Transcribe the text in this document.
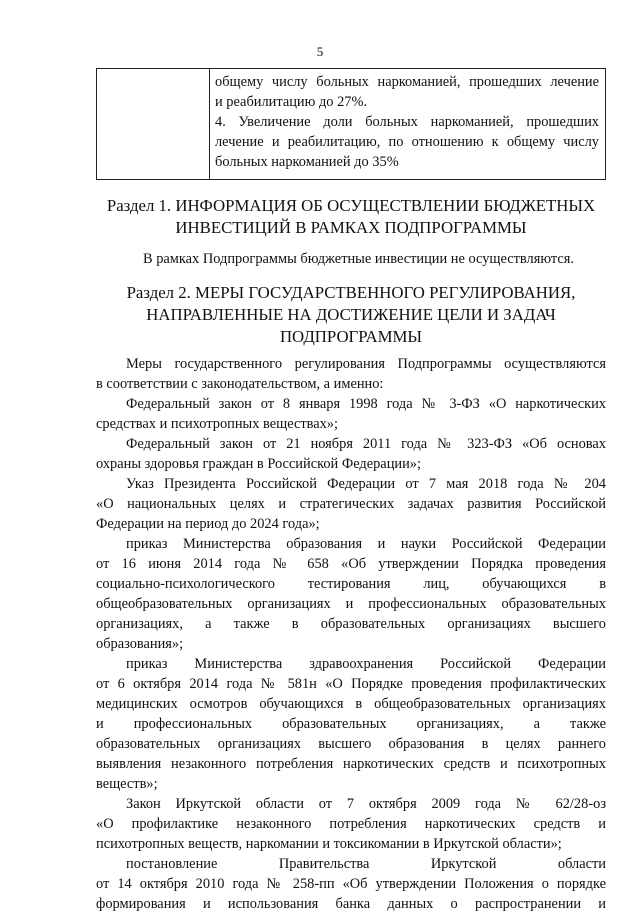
5
общему числу больных наркоманией, прошедших лечение
и реабилитацию до 27%.
4. Увеличение доли больных наркоманией, прошедших
лечение и реабилитацию, по отношению к общему числу
больных наркоманией до 35%
Раздел 1. ИНФОРМАЦИЯ ОБ ОСУЩЕСТВЛЕНИИ БЮДЖЕТНЫХ
ИНВЕСТИЦИЙ В РАМКАХ ПОДПРОГРАММЫ
В рамках Подпрограммы бюджетные инвестиции не осуществляются.
Раздел 2. МЕРЫ ГОСУДАРСТВЕННОГО РЕГУЛИРОВАНИЯ,
НАПРАВЛЕННЫЕ НА ДОСТИЖЕНИЕ ЦЕЛИ И ЗАДАЧ
ПОДПРОГРАММЫ
Меры государственного регулирования Подпрограммы осуществляются
в соответствии с законодательством, а именно:
Федеральный закон от 8 января 1998 года № 3-ФЗ «О наркотических
средствах и психотропных веществах»;
Федеральный закон от 21 ноября 2011 года № 323-ФЗ «Об основах
охраны здоровья граждан в Российской Федерации»;
Указ Президента Российской Федерации от 7 мая 2018 года № 204
«О национальных целях и стратегических задачах развития Российской
Федерации на период до 2024 года»;
приказ Министерства образования и науки Российской Федерации
от 16 июня 2014 года № 658 «Об утверждении Порядка проведения
социально-психологического тестирования лиц, обучающихся в
общеобразовательных организациях и профессиональных образовательных
организациях, а также в образовательных организациях высшего
образования»;
приказ Министерства здравоохранения Российской Федерации
от 6 октября 2014 года № 581н «О Порядке проведения профилактических
медицинских осмотров обучающихся в общеобразовательных организациях
и профессиональных образовательных организациях, а также
образовательных организациях высшего образования в целях раннего
выявления незаконного потребления наркотических средств и психотропных
веществ»;
Закон Иркутской области от 7 октября 2009 года № 62/28-оз
«О профилактике незаконного потребления наркотических средств и
психотропных веществ, наркомании и токсикомании в Иркутской области»;
постановление Правительства Иркутской области
от 14 октября 2010 года № 258-пп «Об утверждении Положения о порядке
формирования и использования банка данных о распространении и
